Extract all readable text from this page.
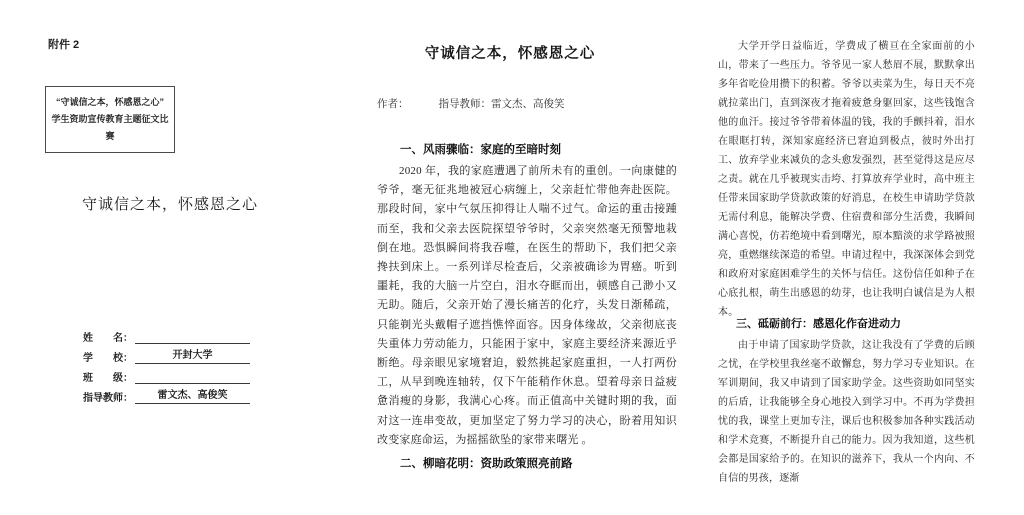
附件 2
“守诚信之本，怀感恩之心”
学生资助宣传教育主题征文比赛
守诚信之本，怀感恩之心
姓　　名：
学　　校：	开封大学
班　　级：
指导教师：	雷文杰、高俊笑
守诚信之本，怀感恩之心
作者：	指导教师：雷文杰、高俊笑
一、风雨骤临：家庭的至暗时刻
2020 年，我的家庭遭遇了前所未有的重创。一向康健的爷爷，毫无征兆地被冠心病缠上，父亲赶忙带他奔赴医院。那段时间，家中气氛压抑得让人喘不过气。命运的重击接踵而至，我和父亲去医院探望爷爷时，父亲突然毫无预警地栽倒在地。恐惧瞬间将我吞噬，在医生的帮助下，我们把父亲搀扶到床上。一系列详尽检查后，父亲被确诊为胃癌。听到噩耗，我的大脑一片空白，泪水夺眶而出，顿感自己渺小又无助。随后，父亲开始了漫长痛苦的化疗，头发日渐稀疏，只能剃光头戴帽子遮挡憔悴面容。因身体缘故，父亲彻底丧失重体力劳动能力，只能困于家中，家庭主要经济来源近乎断绝。母亲眼见家境窘迫，毅然挑起家庭重担，一人打两份工，从早到晚连轴转，仅下午能稍作休息。望着母亲日益疲惫消瘦的身影，我满心心疼。而正值高中关键时期的我，面对这一连串变故，更加坚定了努力学习的决心，盼着用知识改变家庭命运，为摇摇欲坠的家带来曙光 。
二、柳暗花明：资助政策照亮前路
大学开学日益临近，学费成了横亘在全家面前的小山，带来了一些压力。爷爷见一家人愁眉不展，默默拿出多年省吃俭用攒下的积蓄。爷爷以卖菜为生，每日天不亮就拉菜出门，直到深夜才拖着疲惫身躯回家，这些钱饱含他的血汗。接过爷爷带着体温的钱，我的手颤抖着，泪水在眼眶打转，深知家庭经济已窘迫到极点，彼时外出打工、放弃学业来减负的念头愈发强烈，甚至觉得这是应尽之责。就在几乎被现实击垮、打算放弃学业时，高中班主任带来国家助学贷款政策的好消息，在校生申请助学贷款无需付利息，能解决学费、住宿费和部分生活费，我瞬间满心喜悦，仿若绝境中看到曙光，原本黯淡的求学路被照亮，重燃继续深造的希望。申请过程中，我深深体会到党和政府对家庭困难学生的关怀与信任。这份信任如种子在心底扎根，萌生出感恩的幼芽，也让我明白诚信是为人根本。
三、砥砺前行：感恩化作奋进动力
由于申请了国家助学贷款，这让我没有了学费的后顾之忧，在学校里我丝毫不敢懈怠，努力学习专业知识。在军训期间，我又申请到了国家助学金。这些资助如同坚实的后盾，让我能够全身心地投入到学习中。不再为学费担忧的我，课堂上更加专注，课后也积极参加各种实践活动和学术竞赛，不断提升自己的能力。因为我知道，这些机会都是国家给予的。在知识的滋养下，我从一个内向、不自信的男孩，逐渐
